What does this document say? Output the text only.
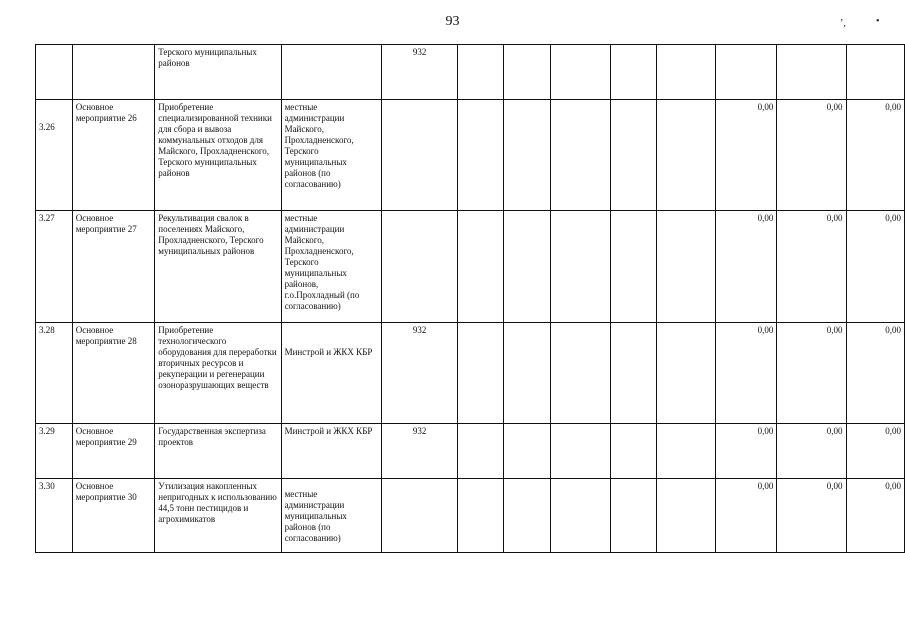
93	ʼ,	•
		Терского муниципальных районов		932								

3.26	Основное мероприятие 26	Приобретение специализированной техники для сбора и вывоза коммунальных отходов для Майского, Прохладненского, Терского муниципальных районов	местные администрации Майского, Прохладненского, Терского муниципальных районов (по согласованию)							0,00	0,00	0,00
3.27	Основное мероприятие 27	Рекультивация свалок в поселениях Майского, Прохладненского, Терского муниципальных районов	местные администрации Майского, Прохладненского, Терского муниципальных районов, г.о.Прохладный (по согласованию)							0,00	0,00	0,00
3.28	Основное мероприятие 28	Приобретение технологического оборудования для переработки вторичных ресурсов и рекуперации и регенерации озоноразрушающих веществ	Минстрой и ЖКХ КБР	932						0,00	0,00	0,00
3.29	Основное мероприятие 29	Государственная экспертиза проектов	Минстрой и ЖКХ КБР	932						0,00	0,00	0,00
3.30	Основное мероприятие 30	Утилизация накопленных непригодных к использованию 44,5 тонн пестицидов и агрохимикатов	местные администрации муниципальных районов (по согласованию)							0,00	0,00	0,00
